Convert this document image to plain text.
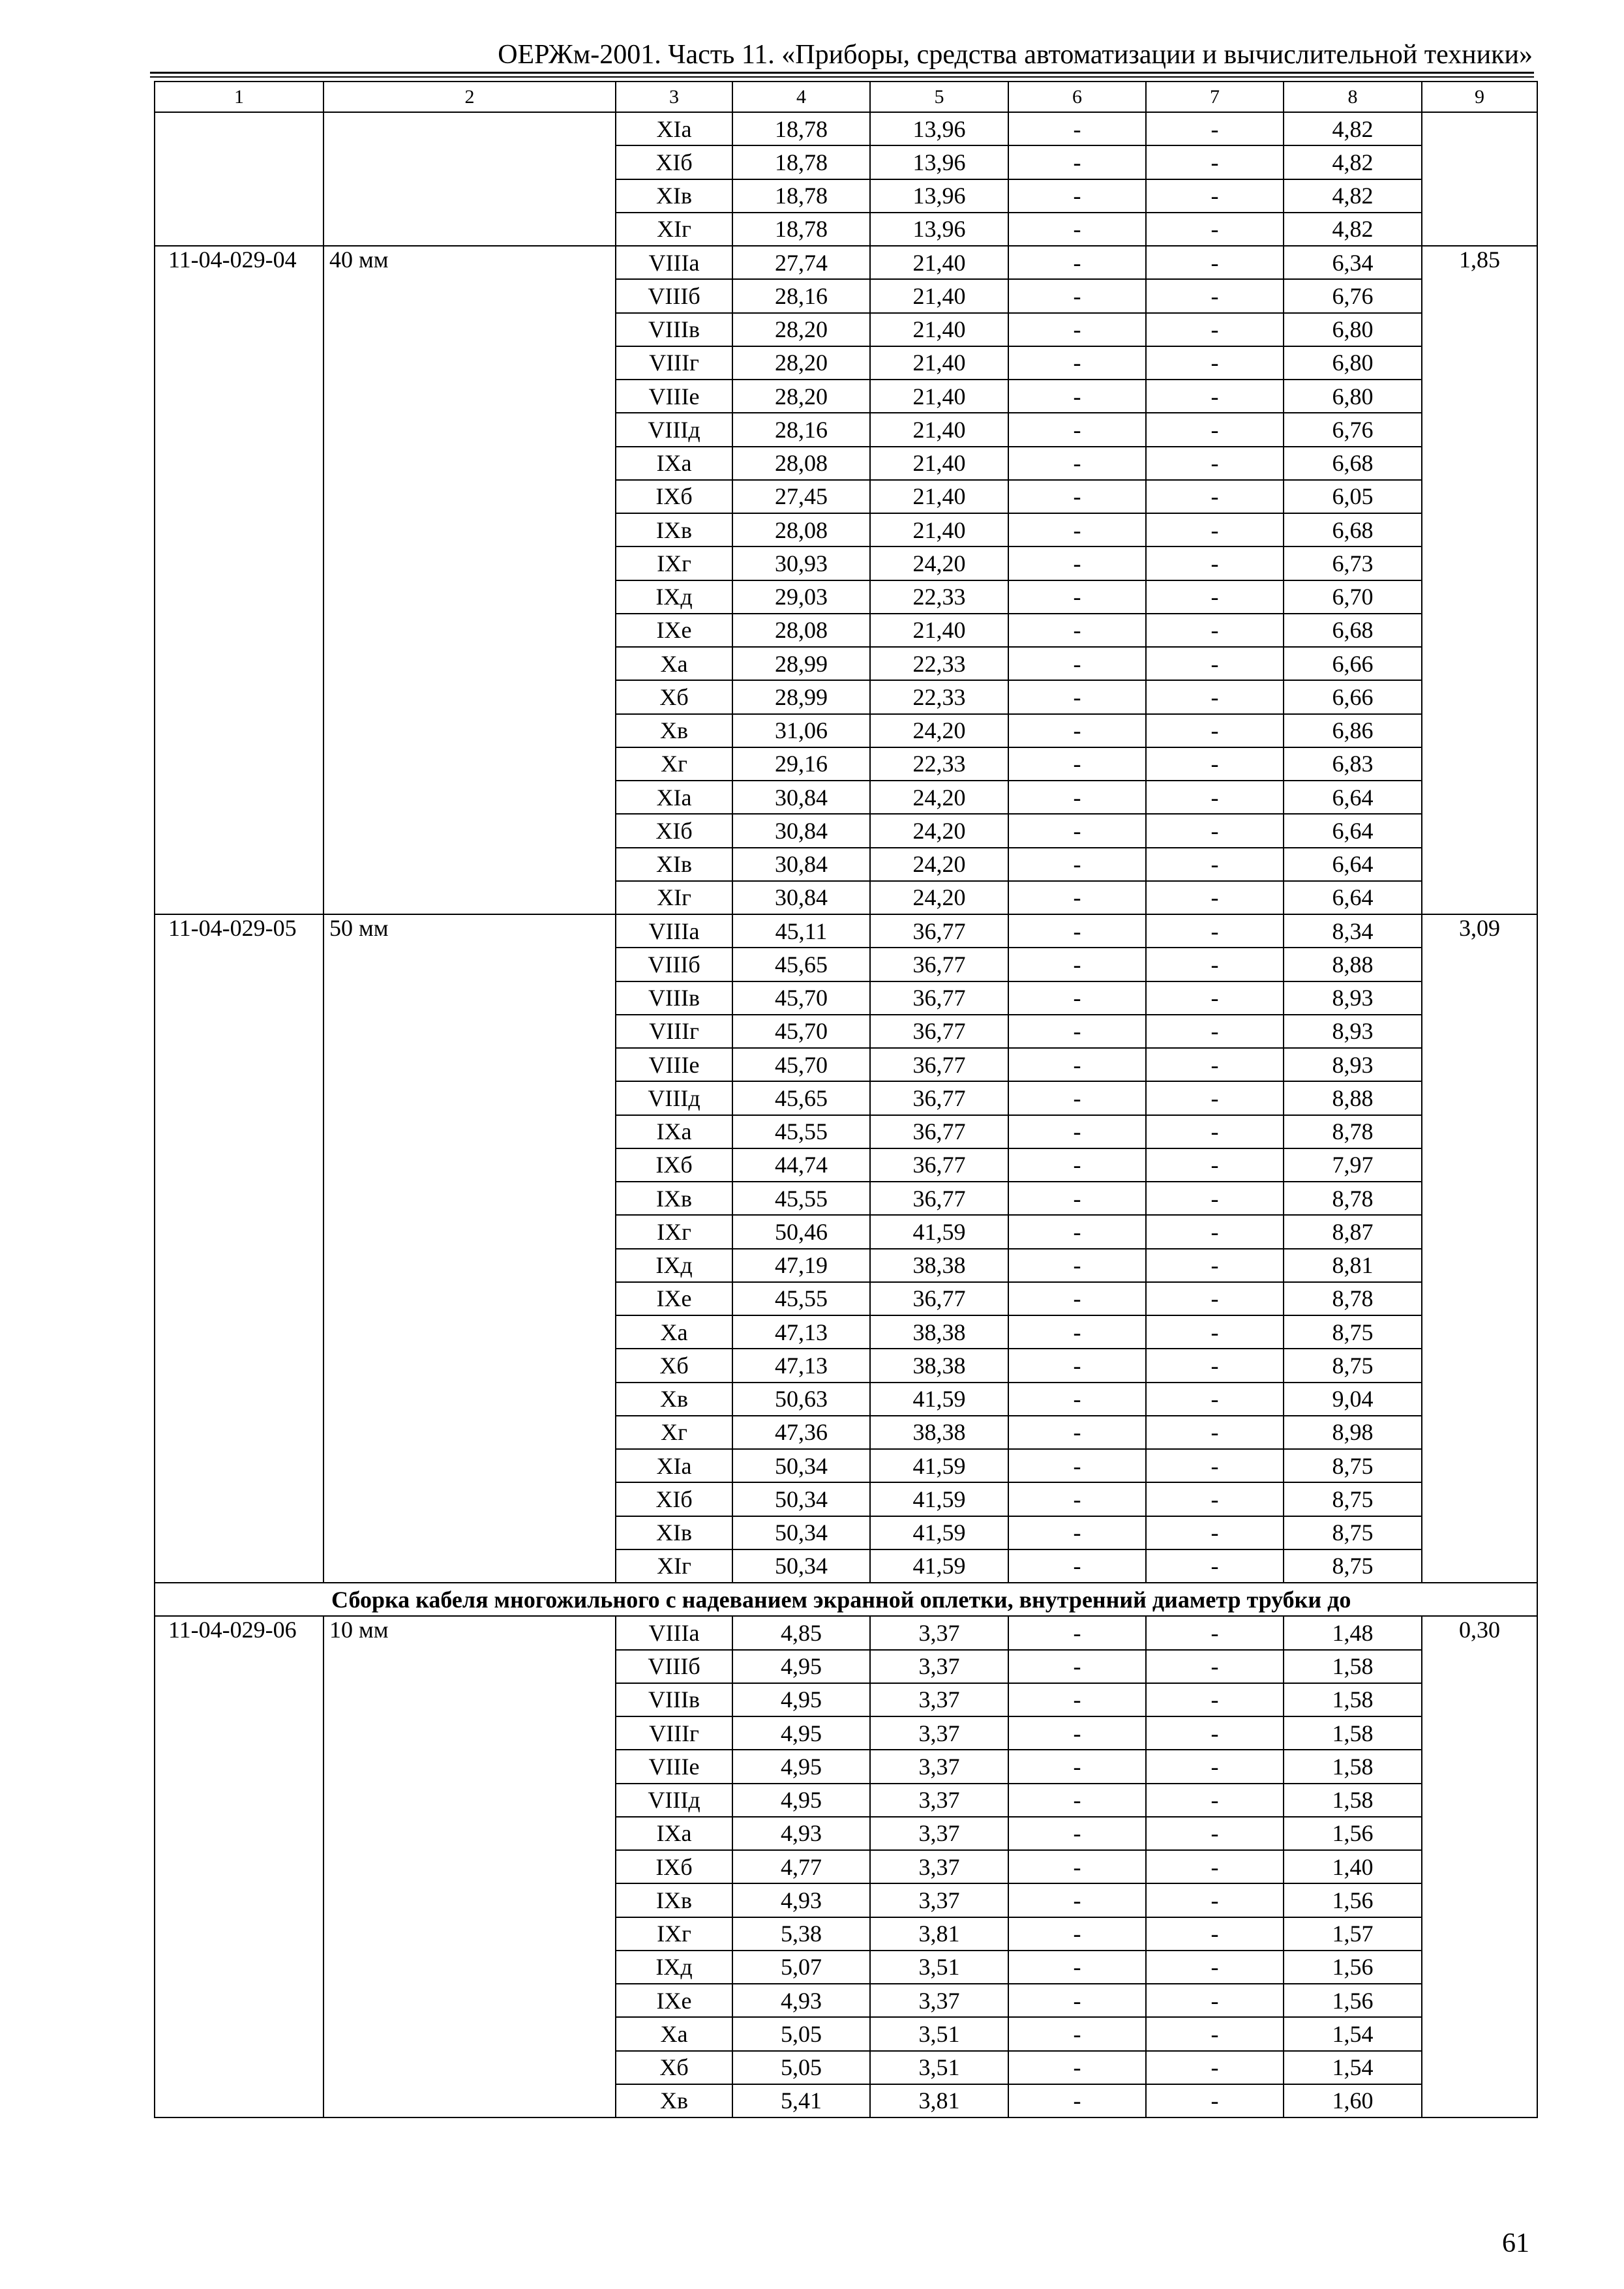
ОЕРЖм-2001. Часть 11. «Приборы, средства автоматизации и вычислительной техники»
1	2	3	4	5	6	7	8	9
		XIa	18,78	13,96	-	-	4,82	
		XIб	18,78	13,96	-	-	4,82	
		XIв	18,78	13,96	-	-	4,82	
		XIг	18,78	13,96	-	-	4,82	
11-04-029-04	40 мм	VIIIa	27,74	21,40	-	-	6,34	1,85
		VIIIб	28,16	21,40	-	-	6,76	
		VIIIв	28,20	21,40	-	-	6,80	
		VIIIг	28,20	21,40	-	-	6,80	
		VIIIe	28,20	21,40	-	-	6,80	
		VIIIд	28,16	21,40	-	-	6,76	
		IXa	28,08	21,40	-	-	6,68	
		IXб	27,45	21,40	-	-	6,05	
		IXв	28,08	21,40	-	-	6,68	
		IXг	30,93	24,20	-	-	6,73	
		IXд	29,03	22,33	-	-	6,70	
		IXe	28,08	21,40	-	-	6,68	
		Xa	28,99	22,33	-	-	6,66	
		Xб	28,99	22,33	-	-	6,66	
		Xв	31,06	24,20	-	-	6,86	
		Xг	29,16	22,33	-	-	6,83	
		XIa	30,84	24,20	-	-	6,64	
		XIб	30,84	24,20	-	-	6,64	
		XIв	30,84	24,20	-	-	6,64	
		XIг	30,84	24,20	-	-	6,64	
11-04-029-05	50 мм	VIIIa	45,11	36,77	-	-	8,34	3,09
		VIIIб	45,65	36,77	-	-	8,88	
		VIIIв	45,70	36,77	-	-	8,93	
		VIIIг	45,70	36,77	-	-	8,93	
		VIIIe	45,70	36,77	-	-	8,93	
		VIIIд	45,65	36,77	-	-	8,88	
		IXa	45,55	36,77	-	-	8,78	
		IXб	44,74	36,77	-	-	7,97	
		IXв	45,55	36,77	-	-	8,78	
		IXг	50,46	41,59	-	-	8,87	
		IXд	47,19	38,38	-	-	8,81	
		IXe	45,55	36,77	-	-	8,78	
		Xa	47,13	38,38	-	-	8,75	
		Xб	47,13	38,38	-	-	8,75	
		Xв	50,63	41,59	-	-	9,04	
		Xг	47,36	38,38	-	-	8,98	
		XIa	50,34	41,59	-	-	8,75	
		XIб	50,34	41,59	-	-	8,75	
		XIв	50,34	41,59	-	-	8,75	
		XIг	50,34	41,59	-	-	8,75	
Сборка кабеля многожильного с надеванием экранной оплетки, внутренний диаметр трубки до								
11-04-029-06	10 мм	VIIIa	4,85	3,37	-	-	1,48	0,30
		VIIIб	4,95	3,37	-	-	1,58	
		VIIIв	4,95	3,37	-	-	1,58	
		VIIIг	4,95	3,37	-	-	1,58	
		VIIIe	4,95	3,37	-	-	1,58	
		VIIIд	4,95	3,37	-	-	1,58	
		IXa	4,93	3,37	-	-	1,56	
		IXб	4,77	3,37	-	-	1,40	
		IXв	4,93	3,37	-	-	1,56	
		IXг	5,38	3,81	-	-	1,57	
		IXд	5,07	3,51	-	-	1,56	
		IXe	4,93	3,37	-	-	1,56	
		Xa	5,05	3,51	-	-	1,54	
		Xб	5,05	3,51	-	-	1,54	
		Xв	5,41	3,81	-	-	1,60	
61
